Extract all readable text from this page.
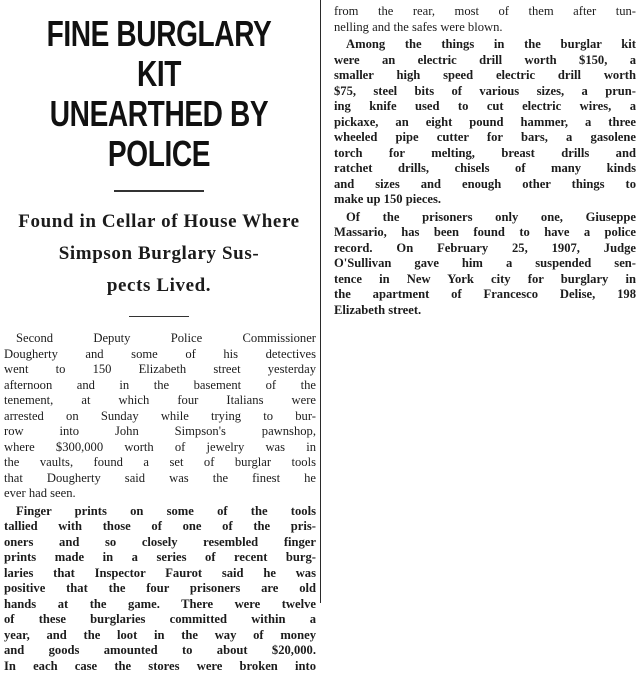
FINE BURGLARY KIT
UNEARTHED BY POLICE
Found in Cellar of House Where
Simpson Burglary Sus-
pects Lived.
Second Deputy Police Commissioner
Dougherty and some of his detectives
went to 150 Elizabeth street yesterday
afternoon and in the basement of the
tenement, at which four Italians were
arrested on Sunday while trying to bur-
row into John Simpson's pawnshop,
where $300,000 worth of jewelry was in
the vaults, found a set of burglar tools
that Dougherty said was the finest he
ever had seen.
Finger prints on some of the tools
tallied with those of one of the pris-
oners and so closely resembled finger
prints made in a series of recent burg-
laries that Inspector Faurot said he was
positive that the four prisoners are old
hands at the game. There were twelve
of these burglaries committed within a
year, and the loot in the way of money
and goods amounted to about $20,000.
In each case the stores were broken into
from the rear, most of them after tun-
nelling and the safes were blown.
Among the things in the burglar kit
were an electric drill worth $150, a
smaller high speed electric drill worth
$75, steel bits of various sizes, a prun-
ing knife used to cut electric wires, a
pickaxe, an eight pound hammer, a three
wheeled pipe cutter for bars, a gasolene
torch for melting, breast drills and
ratchet drills, chisels of many kinds
and sizes and enough other things to
make up 150 pieces.
Of the prisoners only one, Giuseppe
Massario, has been found to have a police
record. On February 25, 1907, Judge
O'Sullivan gave him a suspended sen-
tence in New York city for burglary in
the apartment of Francesco Delise, 198
Elizabeth street.
